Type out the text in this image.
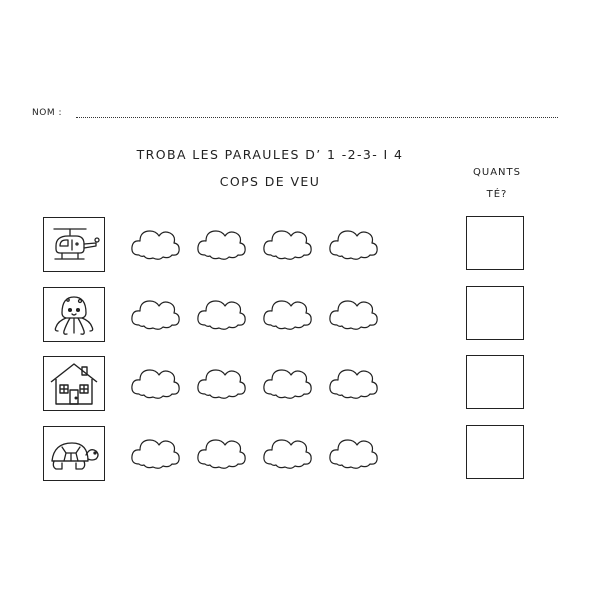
NOM :
TROBA LES PARAULES D’ 1 -2-3- I 4
COPS DE VEU
QUANTS
TÉ?
